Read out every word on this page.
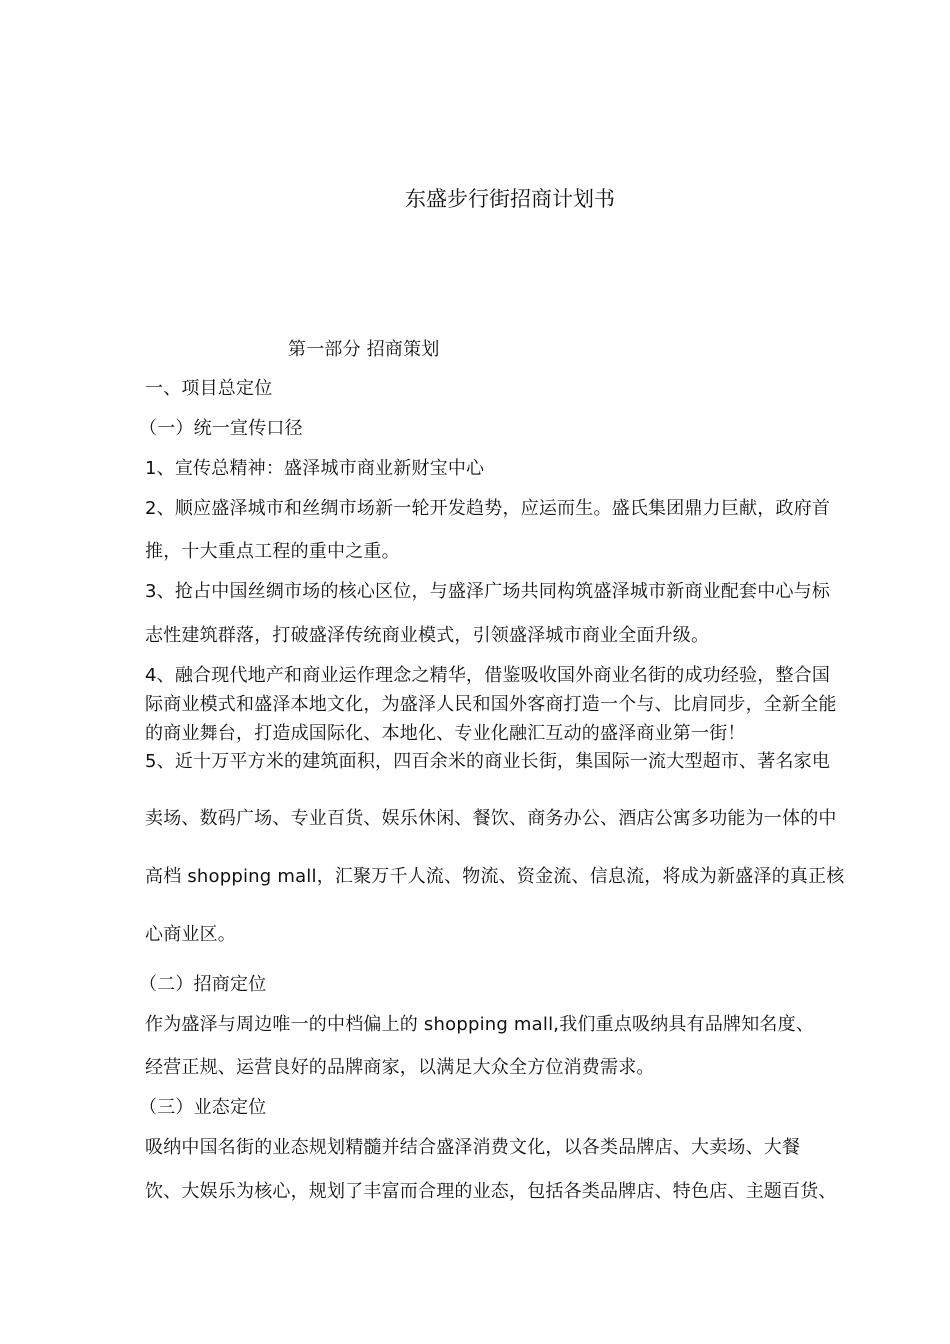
东盛步行街招商计划书
第一部分 招商策划
一、项目总定位
（一）统一宣传口径
1、宣传总精神：盛泽城市商业新财宝中心
2、顺应盛泽城市和丝绸市场新一轮开发趋势，应运而生。盛氏集团鼎力巨献，政府首
推，十大重点工程的重中之重。
3、抢占中国丝绸市场的核心区位，与盛泽广场共同构筑盛泽城市新商业配套中心与标
志性建筑群落，打破盛泽传统商业模式，引领盛泽城市商业全面升级。
4、融合现代地产和商业运作理念之精华，借鉴吸收国外商业名街的成功经验，整合国
际商业模式和盛泽本地文化，为盛泽人民和国外客商打造一个与、比肩同步，全新全能
的商业舞台，打造成国际化、本地化、专业化融汇互动的盛泽商业第一街！
5、近十万平方米的建筑面积，四百余米的商业长街，集国际一流大型超市、著名家电
卖场、数码广场、专业百货、娱乐休闲、餐饮、商务办公、酒店公寓多功能为一体的中
高档 shopping mall，汇聚万千人流、物流、资金流、信息流，将成为新盛泽的真正核
心商业区。
（二）招商定位
作为盛泽与周边唯一的中档偏上的 shopping mall,我们重点吸纳具有品牌知名度、
经营正规、运营良好的品牌商家，以满足大众全方位消费需求。
（三）业态定位
吸纳中国名街的业态规划精髓并结合盛泽消费文化，以各类品牌店、大卖场、大餐
饮、大娱乐为核心，规划了丰富而合理的业态，包括各类品牌店、特色店、主题百货、
